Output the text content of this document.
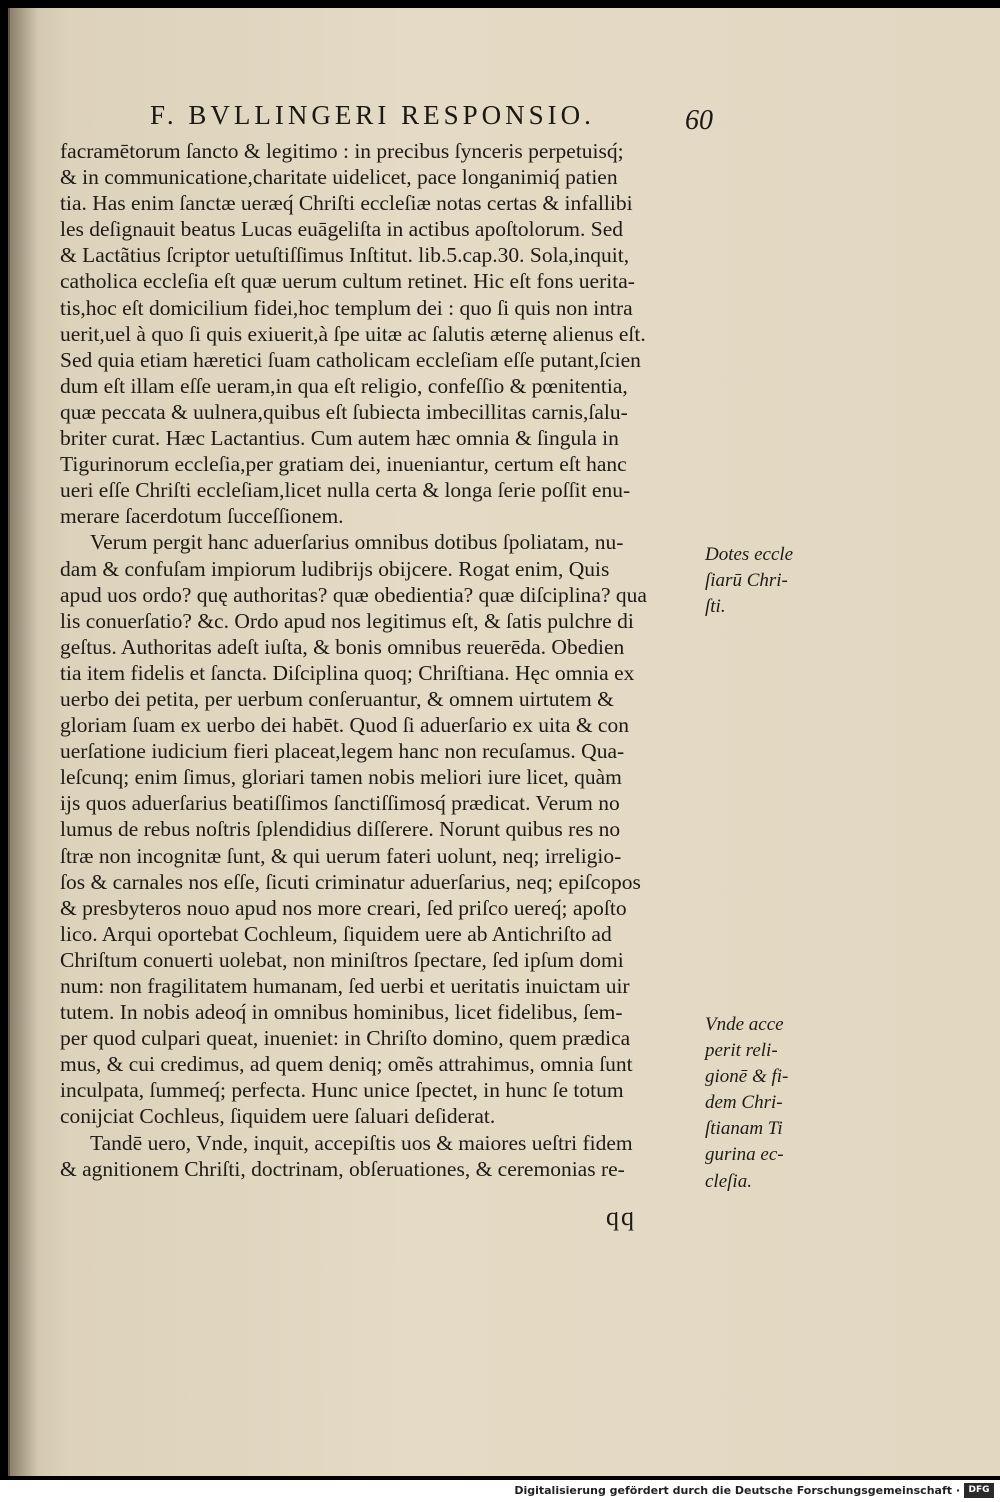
F. BVLLINGERI RESPONSIO.	60
facramētorum ſancto & legitimo : in precibus ſynceris perpetuisq́;
& in communicatione,charitate uidelicet, pace longanimiq́ patien
tia. Has enim ſanctæ ueræq́ Chriſti eccleſiæ notas certas & infallibi
les deſignauit beatus Lucas euāgeliſta in actibus apoſtolorum. Sed
& Lactãtius ſcriptor uetuſtiſſimus Inſtitut. lib.5.cap.30. Sola,inquit,
catholica eccleſia eſt quæ uerum cultum retinet. Hic eſt fons uerita-
tis,hoc eſt domicilium fidei,hoc templum dei : quo ſi quis non intra
uerit,uel à quo ſi quis exiuerit,à ſpe uitæ ac ſalutis æternę alienus eſt.
Sed quia etiam hæretici ſuam catholicam eccleſiam eſſe putant,ſcien
dum eſt illam eſſe ueram,in qua eſt religio, confeſſio & pœnitentia,
quæ peccata & uulnera,quibus eſt ſubiecta imbecillitas carnis,ſalu-
briter curat. Hæc Lactantius. Cum autem hæc omnia & ſingula in
Tigurinorum eccleſia,per gratiam dei, inueniantur, certum eſt hanc
ueri eſſe Chriſti eccleſiam,licet nulla certa & longa ſerie poſſit enu-
merare ſacerdotum ſucceſſionem.
Verum pergit hanc aduerſarius omnibus dotibus ſpoliatam, nu-
dam & confuſam impiorum ludibrijs obijcere. Rogat enim, Quis
apud uos ordo? quę authoritas? quæ obedientia? quæ diſciplina? qua
lis conuerſatio? &c. Ordo apud nos legitimus eſt, & ſatis pulchre di
geſtus. Authoritas adeſt iuſta, & bonis omnibus reuerēda. Obedien
tia item fidelis et ſancta. Diſciplina quoq; Chriſtiana. Hęc omnia ex
uerbo dei petita, per uerbum conſeruantur, & omnem uirtutem &
gloriam ſuam ex uerbo dei habēt. Quod ſi aduerſario ex uita & con
uerſatione iudicium fieri placeat,legem hanc non recuſamus. Qua-
leſcunq; enim ſimus, gloriari tamen nobis meliori iure licet, quàm
ijs quos aduerſarius beatiſſimos ſanctiſſimosq́ prædicat. Verum no
lumus de rebus noſtris ſplendidius diſſerere. Norunt quibus res no
ſtræ non incognitæ ſunt, & qui uerum fateri uolunt, neq; irreligio-
ſos & carnales nos eſſe, ſicuti criminatur aduerſarius, neq; epiſcopos
& presbyteros nouo apud nos more creari, ſed priſco uereq́; apoſto
lico. Arqui oportebat Cochleum, ſiquidem uere ab Antichriſto ad
Chriſtum conuerti uolebat, non miniſtros ſpectare, ſed ipſum domi
num: non fragilitatem humanam, ſed uerbi et ueritatis inuictam uir
tutem. In nobis adeoq́ in omnibus hominibus, licet fidelibus, ſem-
per quod culpari queat, inueniet: in Chriſto domino, quem prædica
mus, & cui credimus, ad quem deniq; omẽs attrahimus, omnia ſunt
inculpata, ſummeq́; perfecta. Hunc unice ſpectet, in hunc ſe totum
conijciat Cochleus, ſiquidem uere ſaluari deſiderat.
Tandē uero, Vnde, inquit, accepiſtis uos & maiores ueſtri fidem
& agnitionem Chriſti, doctrinam, obſeruationes, & ceremonias re-
Dotes eccle
ſiarū Chri-
ſti.
Vnde acce
perit reli-
gionē & fi-
dem Chri-
ſtianam Ti
gurina ec-
cleſia.
qq
Digitalisierung gefördert durch die Deutsche Forschungsgemeinschaft · DFG
